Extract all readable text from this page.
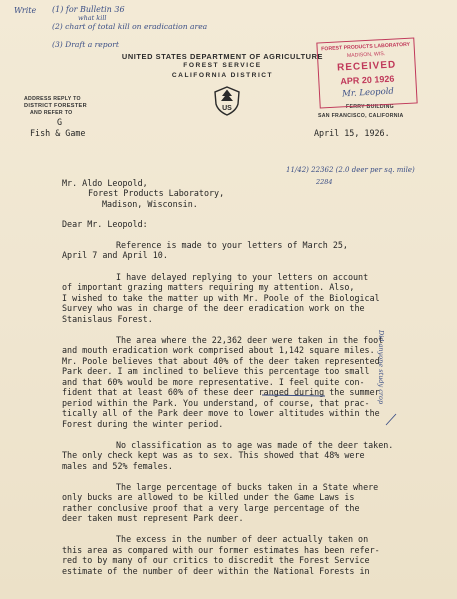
Write (1) for Bulletin 36
what kill
(2) chart of total kill on eradication area
(3) Draft a report
UNITED STATES DEPARTMENT OF AGRICULTURE
FOREST SERVICE
CALIFORNIA DISTRICT
US
ADDRESS REPLY TO
DISTRICT FORESTER
AND REFER TO
G
Fish & Game
FERRY BUILDING
SAN FRANCISCO, CALIFORNIA
April 15, 1926.
FOREST PRODUCTS LABORATORY
MADISON, WIS.
RECEIVED
APR 20 1926
Mr. Leopold
11/42) 22362 (2.0 deer per sq. mile)
2284
Mr. Aldo Leopold,
Forest Products Laboratory,
Madison, Wisconsin.
Dear Mr. Leopold:
Reference is made to your letters of March 25,
April 7 and April 10.
I have delayed replying to your letters on account
of important grazing matters requiring my attention. Also,
I wished to take the matter up with Mr. Poole of the Biological
Survey who was in charge of the deer eradication work on the
Stanislaus Forest.
The area where the 22,362 deer were taken in the foot
and mouth eradication work comprised about 1,142 square miles.
Mr. Poole believes that about 40% of the deer taken represented
Park deer. I am inclined to believe this percentage too small
and that 60% would be more representative. I feel quite con-
fident that at least 60% of these deer ranged during the summer
period within the Park. You understand, of course, that prac-
tically all of the Park deer move to lower altitudes within the
Forest during the winter period.
No classification as to age was made of the deer taken.
The only check kept was as to sex. This showed that 48% were
males and 52% females.
The large percentage of bucks taken in a State where
only bucks are allowed to be killed under the Game Laws is
rather conclusive proof that a very large percentage of the
deer taken must represent Park deer.
The excess in the number of deer actually taken on
this area as compared with our former estimates has been refer-
red to by many of our critics to discredit the Forest Service
estimate of the number of deer within the National Forests in
Did anyone study crop
